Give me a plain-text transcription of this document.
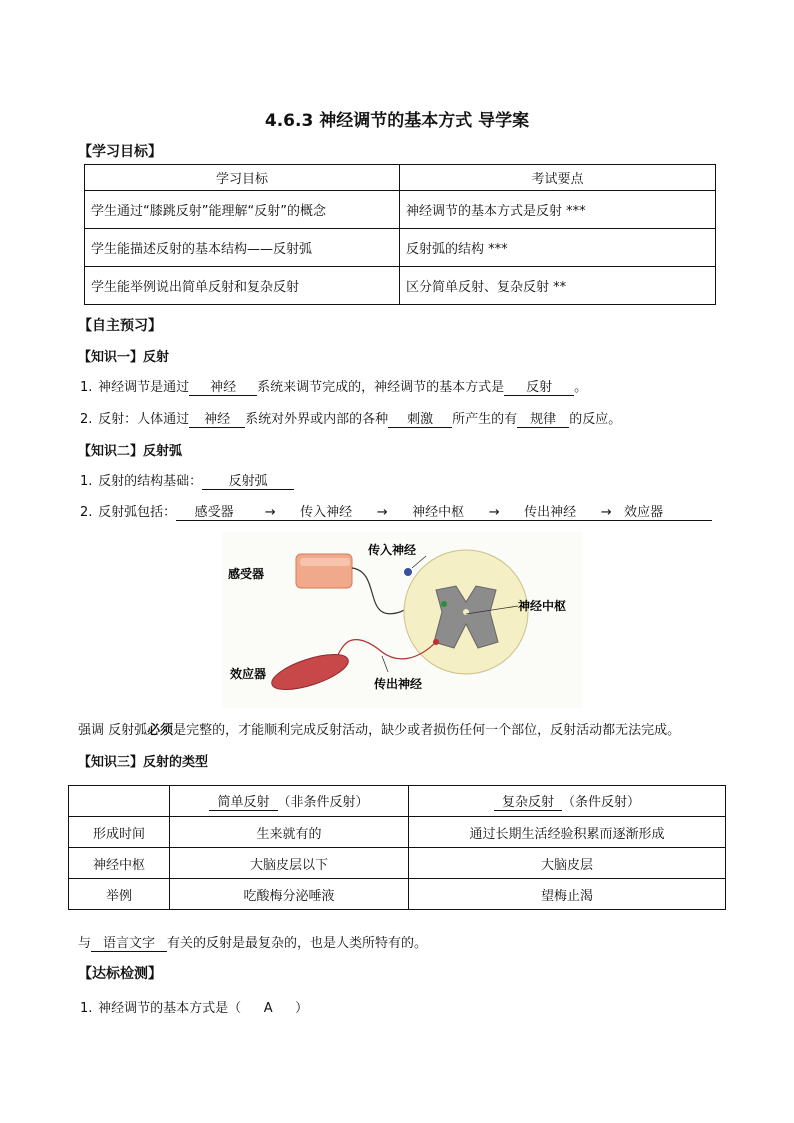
4.6.3 神经调节的基本方式 导学案
【学习目标】
学习目标	考试要点
学生通过“膝跳反射”能理解“反射”的概念	神经调节的基本方式是反射 ***
学生能描述反射的基本结构——反射弧	反射弧的结构 ***
学生能举例说出简单反射和复杂反射	区分简单反射、复杂反射 **
【自主预习】
【知识一】反射
1. 神经调节是通过 神经 系统来调节完成的，神经调节的基本方式是 反射 。
2. 反射：人体通过 神经 系统对外界或内部的各种 刺激 所产生的有 规律 的反应。
【知识二】反射弧
1. 反射的结构基础： 反射弧
2. 反射弧包括： 感受器 → 传入神经 → 神经中枢 → 传出神经 → 效应器
感受器
传入神经
神经中枢
效应器
传出神经
强调 反射弧必须是完整的，才能顺利完成反射活动，缺少或者损伤任何一个部位，反射活动都无法完成。
【知识三】反射的类型
	简单反射 （非条件反射）	复杂反射 （条件反射）
形成时间	生来就有的	通过长期生活经验积累而逐渐形成
神经中枢	大脑皮层以下	大脑皮层
举例	吃酸梅分泌唾液	望梅止渴
与 语言文字 有关的反射是最复杂的，也是人类所特有的。
【达标检测】
1. 神经调节的基本方式是（ A ）
